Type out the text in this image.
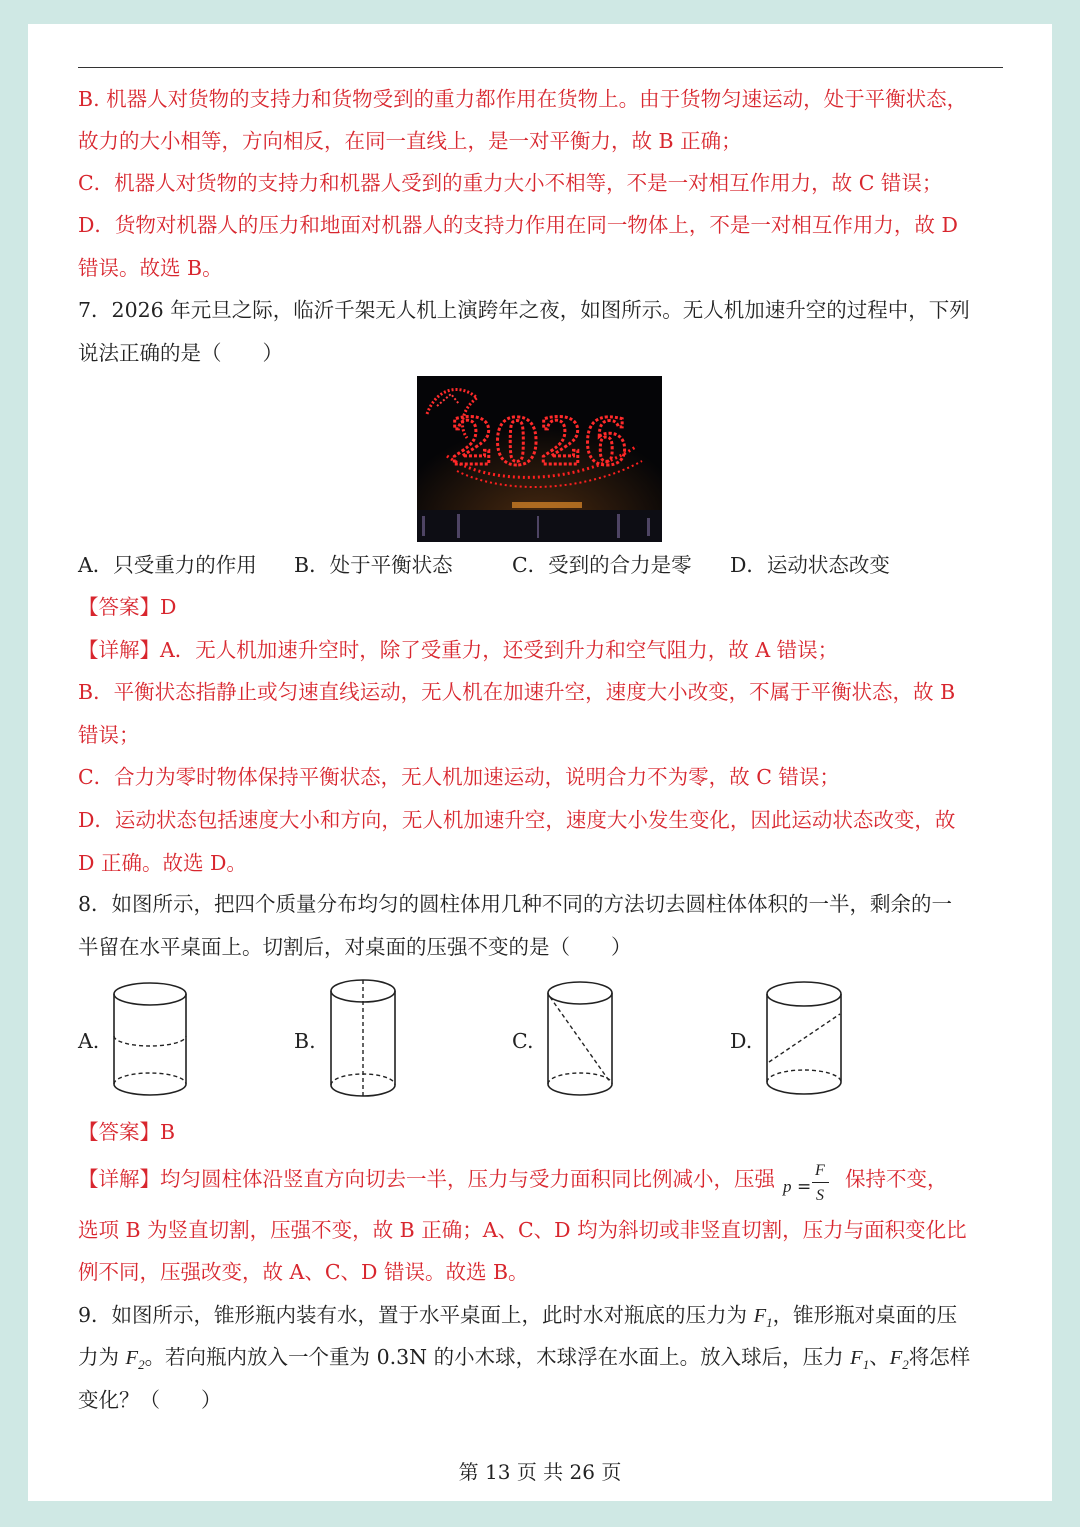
B. 机器人对货物的支持力和货物受到的重力都作用在货物上。由于货物匀速运动，处于平衡状态，
故力的大小相等，方向相反，在同一直线上，是一对平衡力，故 B 正确；
C．机器人对货物的支持力和机器人受到的重力大小不相等，不是一对相互作用力，故 C 错误；
D．货物对机器人的压力和地面对机器人的支持力作用在同一物体上，不是一对相互作用力，故 D
错误。故选 B。
7．2026 年元旦之际，临沂千架无人机上演跨年之夜，如图所示。无人机加速升空的过程中，下列
说法正确的是（　　）
2026
A．只受重力的作用 B．处于平衡状态	C．受到的合力是零 D．运动状态改变
【答案】D
【详解】A．无人机加速升空时，除了受重力，还受到升力和空气阻力，故 A 错误；
B．平衡状态指静止或匀速直线运动，无人机在加速升空，速度大小改变，不属于平衡状态，故 B
错误；
C．合力为零时物体保持平衡状态，无人机加速运动，说明合力不为零，故 C 错误；
D．运动状态包括速度大小和方向，无人机加速升空，速度大小发生变化，因此运动状态改变，故
D 正确。故选 D。
8．如图所示，把四个质量分布均匀的圆柱体用几种不同的方法切去圆柱体体积的一半，剩余的一
半留在水平桌面上。切割后，对桌面的压强不变的是（　　）
A.	B.	C.	D.
【答案】B
【详解】均匀圆柱体沿竖直方向切去一半，压力与受力面积同比例减小，压强 p =
F
S
保持不变，
选项 B 为竖直切割，压强不变，故 B 正确；A、C、D 均为斜切或非竖直切割，压力与面积变化比
例不同，压强改变，故 A、C、D 错误。故选 B。
9．如图所示，锥形瓶内装有水，置于水平桌面上，此时水对瓶底的压力为 $F_1$，锥形瓶对桌面的压
力为 $F_2$。若向瓶内放入一个重为 0.3N 的小木球，木球浮在水面上。放入球后，压力 $F_1$、$F_2$将怎样
变化？（　　）
第 13 页 共 26 页
